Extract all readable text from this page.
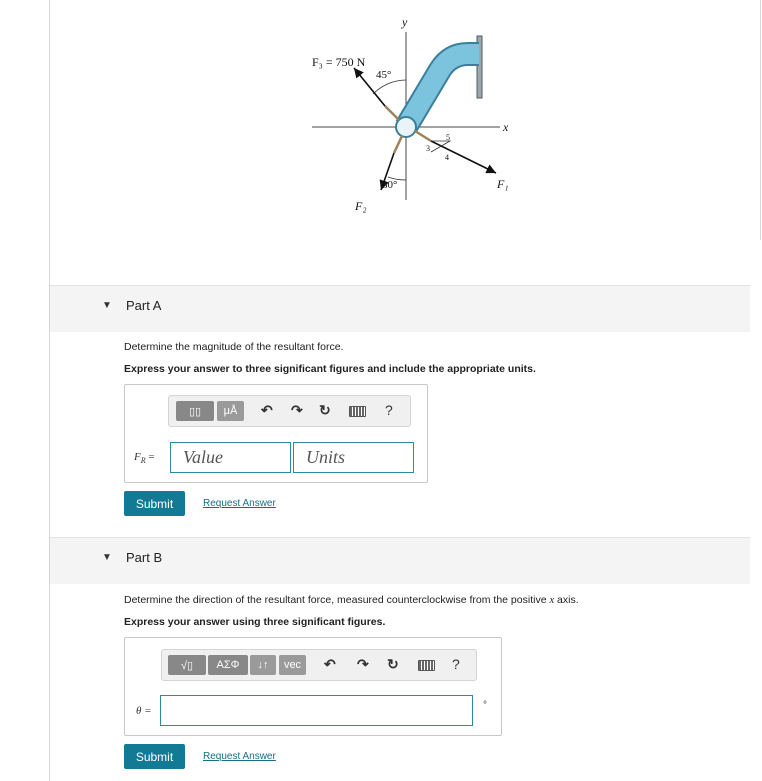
F₃ = 750 N
45°
y
x
30°	F₁
F₂
5
4
3
▼ Part A
Determine the magnitude of the resultant force.
Express your answer to three significant figures and include the appropriate units.
▯▯ μÅ ↶ ↷ ↻	?
$F_R$ =	Value	Units
Submit	Request Answer
▼ Part B
Determine the direction of the resultant force, measured counterclockwise from the positive x axis.
Express your answer using three significant figures.
√▯ ΑΣΦ ↓↑ vec ↶ ↷ ↻	?
θ =	°
Submit	Request Answer
